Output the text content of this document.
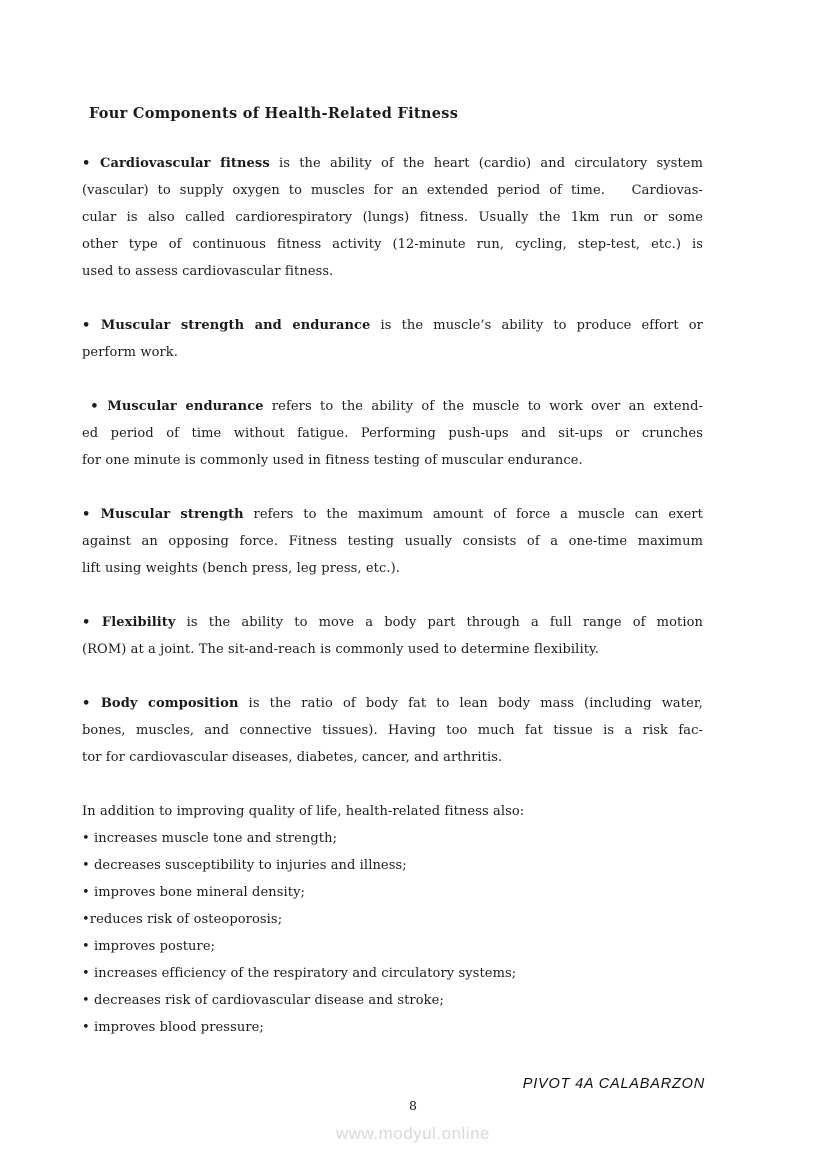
Four Components of Health-Related Fitness
• Cardiovascular fitness is the ability of the heart (cardio) and circulatory system
(vascular) to supply oxygen to muscles for an extended period of time.   Cardiovas-
cular is also called cardiorespiratory (lungs) fitness. Usually the 1km run or some
other type of continuous fitness activity (12-minute run, cycling, step-test, etc.) is
used to assess cardiovascular fitness.
• Muscular strength and endurance is the muscle’s ability to produce effort or
perform work.
• Muscular endurance refers to the ability of the muscle to work over an extend-
ed period of time without fatigue. Performing push-ups and sit-ups or crunches
for one minute is commonly used in fitness testing of muscular endurance.
• Muscular strength refers to the maximum amount of force a muscle can exert
against an opposing force. Fitness testing usually consists of a one-time maximum
lift using weights (bench press, leg press, etc.).
• Flexibility is the ability to move a body part through a full range of motion
(ROM) at a joint. The sit-and-reach is commonly used to determine flexibility.
• Body composition is the ratio of body fat to lean body mass (including water,
bones, muscles, and connective tissues). Having too much fat tissue is a risk fac-
tor for cardiovascular diseases, diabetes, cancer, and arthritis.
In addition to improving quality of life, health-related fitness also:
• increases muscle tone and strength;
• decreases susceptibility to injuries and illness;
• improves bone mineral density;
•reduces risk of osteoporosis;
• improves posture;
• increases efficiency of the respiratory and circulatory systems;
• decreases risk of cardiovascular disease and stroke;
• improves blood pressure;
PIVOT 4A CALABARZON
8
www.modyul.online
